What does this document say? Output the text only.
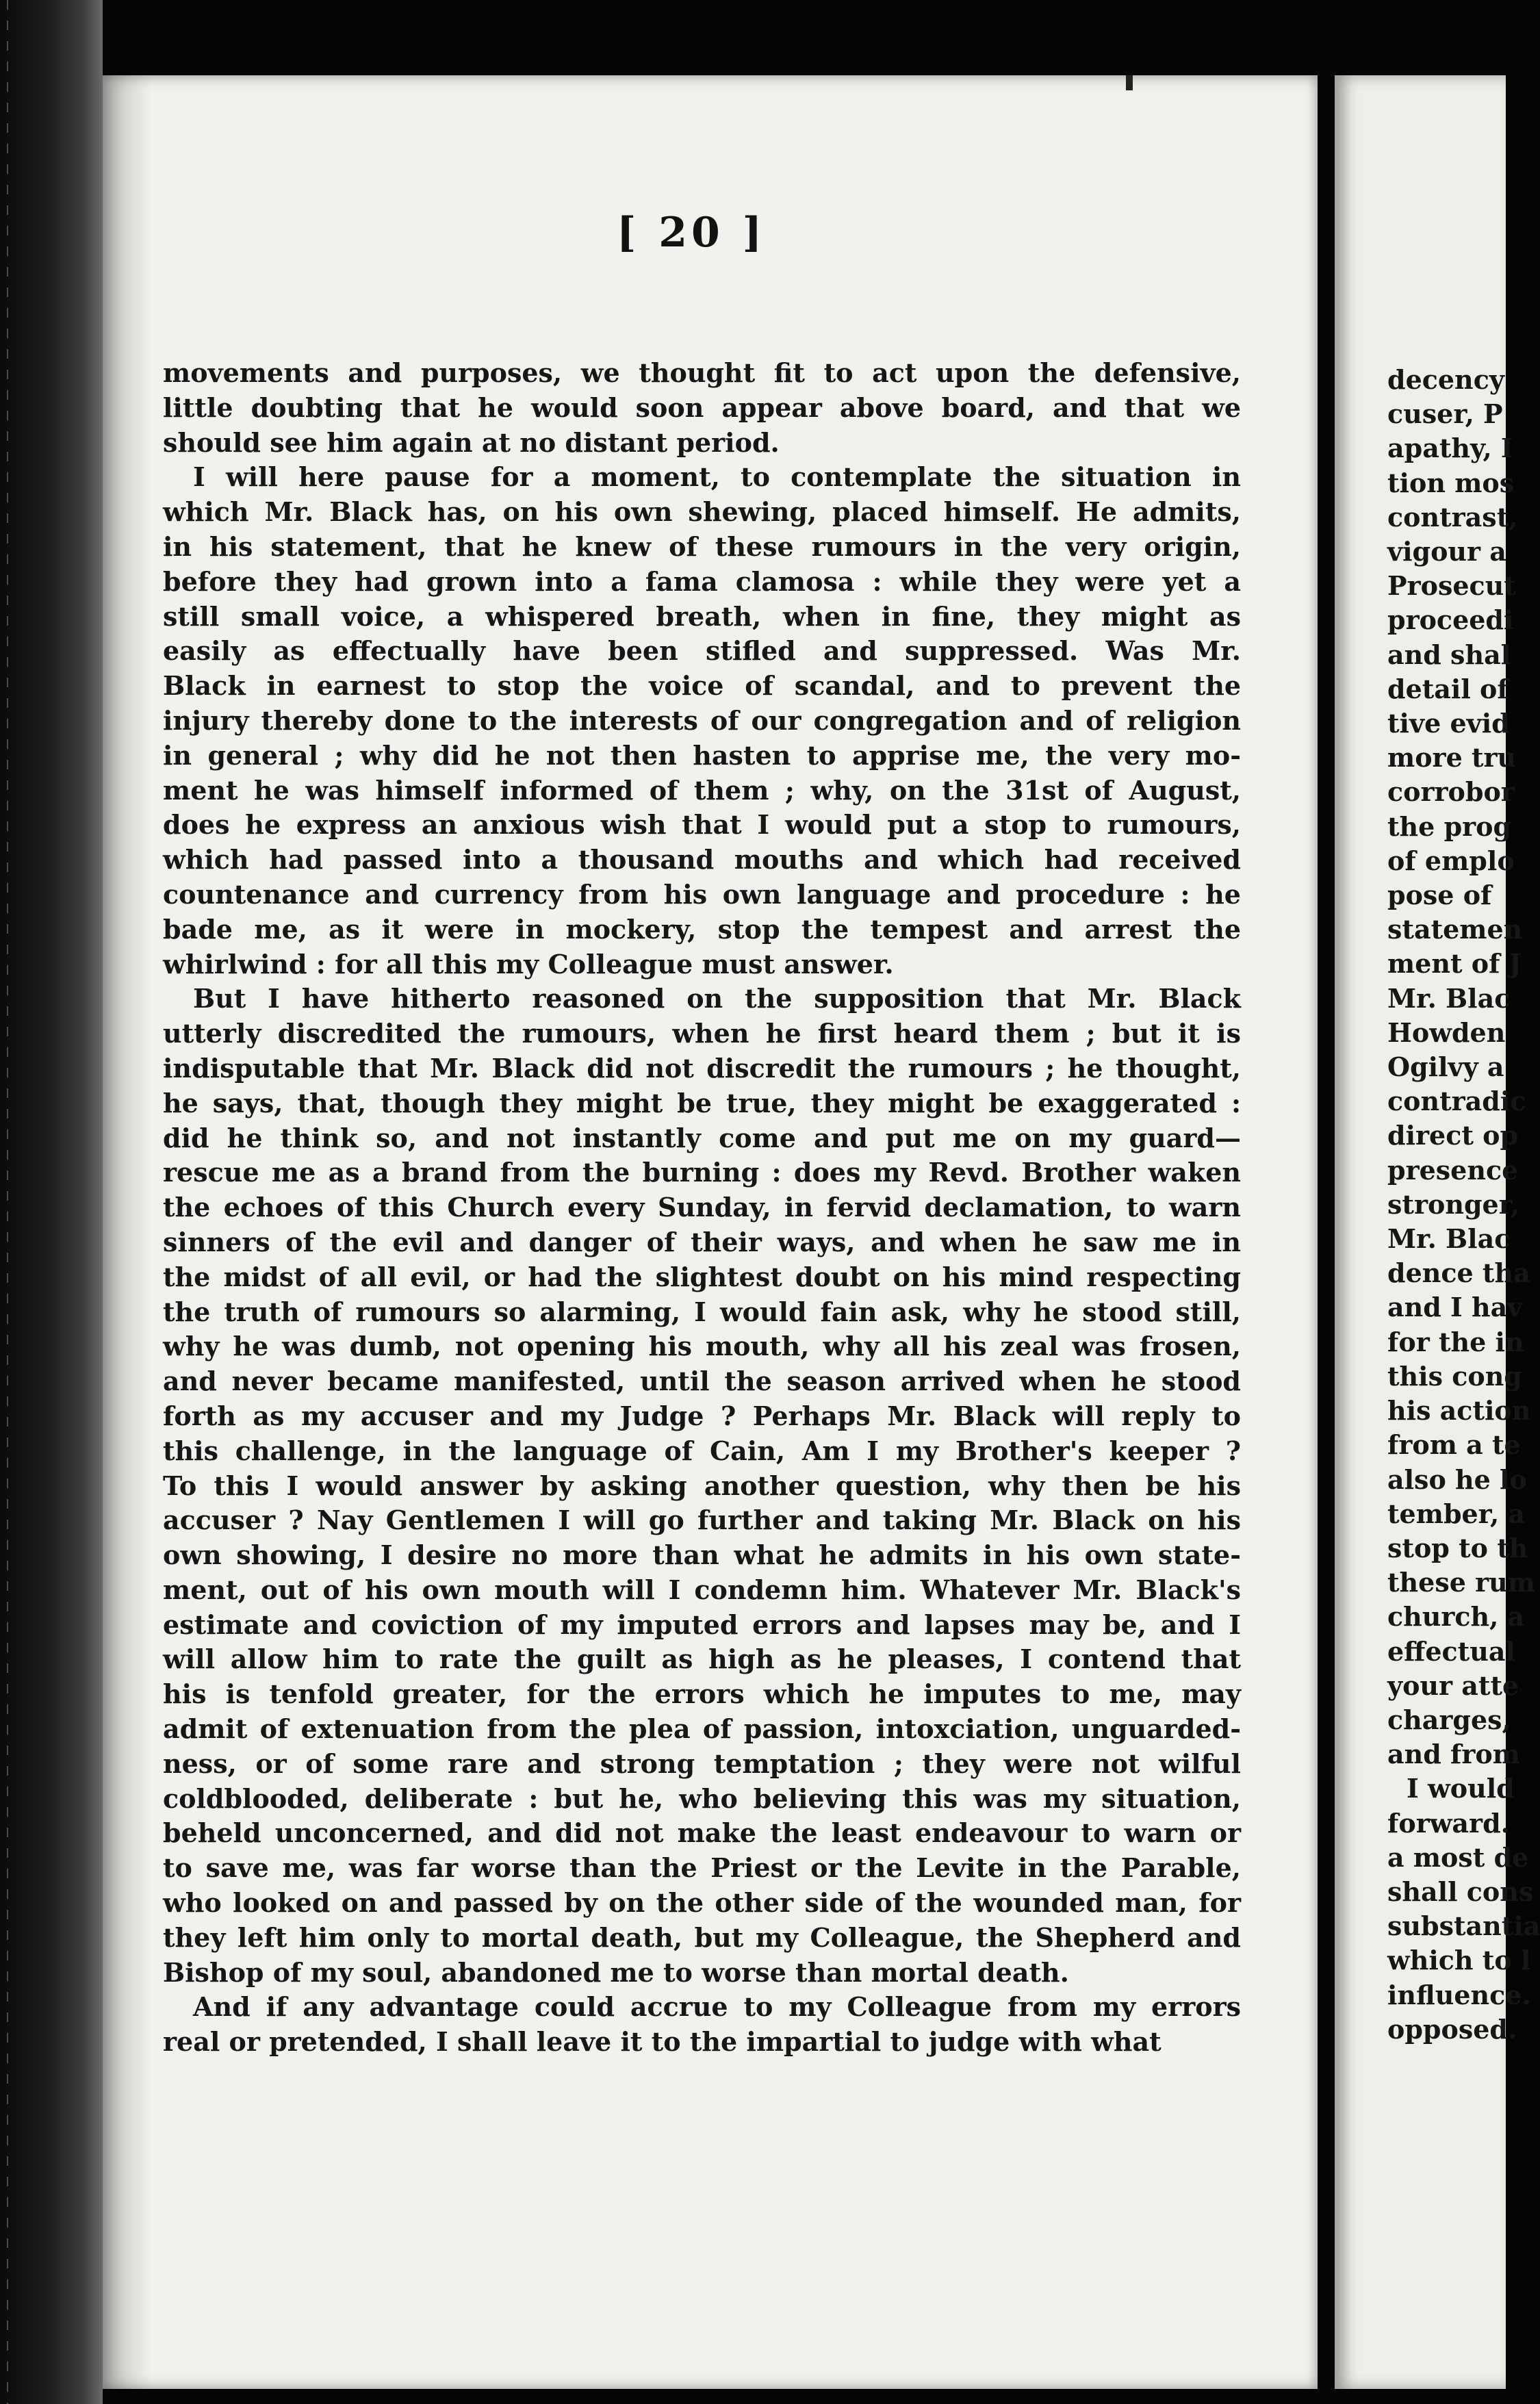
[ 20 ]
movements and purposes, we thought fit to act upon the defensive,
little doubting that he would soon appear above board, and that we
should see him again at no distant period.
I will here pause for a moment, to contemplate the situation in
which Mr. Black has, on his own shewing, placed himself. He admits,
in his statement, that he knew of these rumours in the very origin,
before they had grown into a fama clamosa : while they were yet a
still small voice, a whispered breath, when in fine, they might as
easily as effectually have been stifled and suppressed. Was Mr.
Black in earnest to stop the voice of scandal, and to prevent the
injury thereby done to the interests of our congregation and of religion
in general ; why did he not then hasten to apprise me, the very mo-
ment he was himself informed of them ; why, on the 31st of August,
does he express an anxious wish that I would put a stop to rumours,
which had passed into a thousand mouths and which had received
countenance and currency from his own language and procedure : he
bade me, as it were in mockery, stop the tempest and arrest the
whirlwind : for all this my Colleague must answer.
But I have hitherto reasoned on the supposition that Mr. Black
utterly discredited the rumours, when he first heard them ; but it is
indisputable that Mr. Black did not discredit the rumours ; he thought,
he says, that, though they might be true, they might be exaggerated :
did he think so, and not instantly come and put me on my guard—
rescue me as a brand from the burning : does my Revd. Brother waken
the echoes of this Church every Sunday, in fervid declamation, to warn
sinners of the evil and danger of their ways, and when he saw me in
the midst of all evil, or had the slightest doubt on his mind respecting
the truth of rumours so alarming, I would fain ask, why he stood still,
why he was dumb, not opening his mouth, why all his zeal was frosen,
and never became manifested, until the season arrived when he stood
forth as my accuser and my Judge ? Perhaps Mr. Black will reply to
this challenge, in the language of Cain, Am I my Brother's keeper ?
To this I would answer by asking another question, why then be his
accuser ? Nay Gentlemen I will go further and taking Mr. Black on his
own showing, I desire no more than what he admits in his own state-
ment, out of his own mouth will I condemn him. Whatever Mr. Black's
estimate and coviction of my imputed errors and lapses may be, and I
will allow him to rate the guilt as high as he pleases, I contend that
his is tenfold greater, for the errors which he imputes to me, may
admit of extenuation from the plea of passion, intoxciation, unguarded-
ness, or of some rare and strong temptation ; they were not wilful
coldblooded, deliberate : but he, who believing this was my situation,
beheld unconcerned, and did not make the least endeavour to warn or
to save me, was far worse than the Priest or the Levite in the Parable,
who looked on and passed by on the other side of the wounded man, for
they left him only to mortal death, but my Colleague, the Shepherd and
Bishop of my soul, abandoned me to worse than mortal death.
And if any advantage could accrue to my Colleague from my errors
real or pretended, I shall leave it to the impartial to judge with what
decency
cuser, P
apathy, I
tion mos
contrast,
vigour a
Prosecut
proceedi
and shal
detail of
tive evid
more tru
corrobor
the prog
of emplo
pose of
statemen
ment of J
Mr. Blac
Howden
Ogilvy a
contradic
direct op
presence
stronger,
Mr. Blac
dence tha
and I hav
for the in
this cong
his action
from a te
also he lo
tember, a
stop to th
these rum
church, a
effectual
your atte
charges,
and from
I would
forward.
a most de
shall cons
substantia
which to l
influence.
opposed.
